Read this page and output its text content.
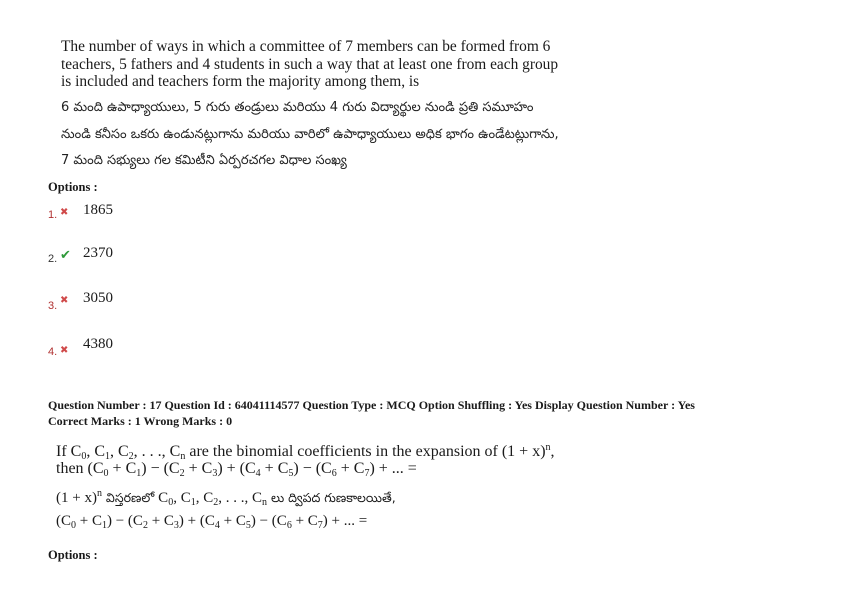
The number of ways in which a committee of 7 members can be formed from 6
teachers, 5 fathers and 4 students in such a way that at least one from each group
is included and teachers form the majority among them, is
6 మంది ఉపాధ్యాయులు, 5 గురు తండ్రులు మరియు 4 గురు విద్యార్థుల నుండి ప్రతి సమూహం
నుండి కనీసం ఒకరు ఉండునట్లుగాను మరియు వారిలో ఉపాధ్యాయులు అధిక భాగం ఉండేటట్లుగాను,
7 మంది సభ్యులు గల కమిటీని ఏర్పరచగల విధాల సంఖ్య
Options :
1. ✖ 1865
2. ✔ 2370
3. ✖ 3050
4. ✖ 4380
Question Number : 17 Question Id : 64041114577 Question Type : MCQ Option Shuffling : Yes Display Question Number : Yes
Correct Marks : 1 Wrong Marks : 0
If $C_0$, $C_1$, $C_2$, . . ., $C_n$ are the binomial coefficients in the expansion of $(1 + x)^n$,
then $(C_0 + C_1) - (C_2 + C_3) + (C_4 + C_5) - (C_6 + C_7)$ + ... =
$(1 + x)^n$ విస్తరణలో $C_0$, $C_1$, $C_2$, . . ., $C_n$ లు ద్విపద గుణకాలయితే,
$(C_0 + C_1) - (C_2 + C_3) + (C_4 + C_5) - (C_6 + C_7)$ + ... =
Options :
